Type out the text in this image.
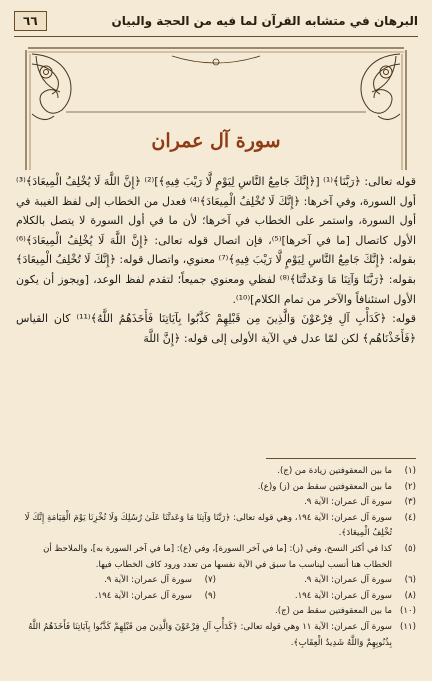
البرهان في متشابه القرآن لما فيه من الحجة والبيان
٦٦
سورة آل عمران

قوله تعالى: ﴿رَبَّنَا﴾⁽¹⁾ [﴿إِنَّكَ جَامِعُ النَّاسِ لِيَوْمٍ لَّا رَيْبَ فِيهِ﴾]⁽²⁾ ﴿إِنَّ اللَّهَ لَا يُخْلِفُ الْمِيعَادَ﴾⁽³⁾ أول السورة، وفي آخرها: ﴿إِنَّكَ لَا تُخْلِفُ الْمِيعَادَ﴾⁽⁴⁾ فعدل من الخطاب إلى لفظ الغيبة في أول السورة، واستمر على الخطاب في آخرها؛ لأن ما في أول السورة لا يتصل بالكلام الأول كاتصال [ما في آخرها]⁽⁵⁾، فإن اتصال قوله تعالى: ﴿إِنَّ اللَّهَ لَا يُخْلِفُ الْمِيعَادَ﴾⁽⁶⁾ بقوله: ﴿إِنَّكَ جَامِعُ النَّاسِ لِيَوْمٍ لَّا رَيْبَ فِيهِ﴾⁽⁷⁾ معنوي، واتصال قوله: ﴿إِنَّكَ لَا تُخْلِفُ الْمِيعَادَ﴾ بقوله: ﴿رَبَّنَا وَآتِنَا مَا وَعَدتَّنَا﴾⁽⁸⁾ لفظي ومعنوي جميعاً؛ لتقدم لفظ الوعد، [ويجوز أن يكون الأول استئنافاً والآخر من تمام الكلام]⁽¹⁰⁾.

قوله: ﴿كَدَأْبِ آلِ فِرْعَوْنَ وَالَّذِينَ مِن قَبْلِهِمْ كَذَّبُوا بِآيَاتِنَا فَأَخَذَهُمُ اللَّهُ﴾⁽¹¹⁾ كان القياس ﴿فَأَخَذْنَاهُم﴾ لكن لمّا عدل في الآية الأولى إلى قوله: ﴿إِنَّ اللَّهَ

(١)
ما بين المعقوفتين زيادة من (ج).
(٢)
ما بين المعقوفتين سقط من (ز) و(ع).
(٣)
سورة آل عمران: الآية ٩.
(٤)
سورة آل عمران: الآية ١٩٤، وهي قوله تعالى: ﴿رَبَّنَا وَآتِنَا مَا وَعَدتَّنَا عَلَىٰ رُسُلِكَ وَلَا تُخْزِنَا يَوْمَ الْقِيَامَةِ إِنَّكَ لَا تُخْلِفُ الْمِيعَادَ﴾.
(٥)
كذا في أكثر النسخ، وفي (ز): [ما في آخر السورة]، وفي (ع): [ما في آخر السورة به]، والملاحظ أن الخطاب هنا أنسب ليناسب ما سبق في الآية نفسها من تعدد ورود كاف الخطاب فيها.
(٦)
سورة آل عمران: الآية ٩.
(٧)
سورة آل عمران: الآية ٩.
(٨)
سورة آل عمران: الآية ١٩٤.
(٩)
سورة آل عمران: الآية ١٩٤.
(١٠)
ما بين المعقوفتين سقط من (ج).
(١١)
سورة آل عمران: الآية ١١ وهي قوله تعالى: ﴿كَدَأْبِ آلِ فِرْعَوْنَ وَالَّذِينَ مِن قَبْلِهِمْ كَذَّبُوا بِآيَاتِنَا فَأَخَذَهُمُ اللَّهُ بِذُنُوبِهِمْ وَاللَّهُ شَدِيدُ الْعِقَابِ﴾.
